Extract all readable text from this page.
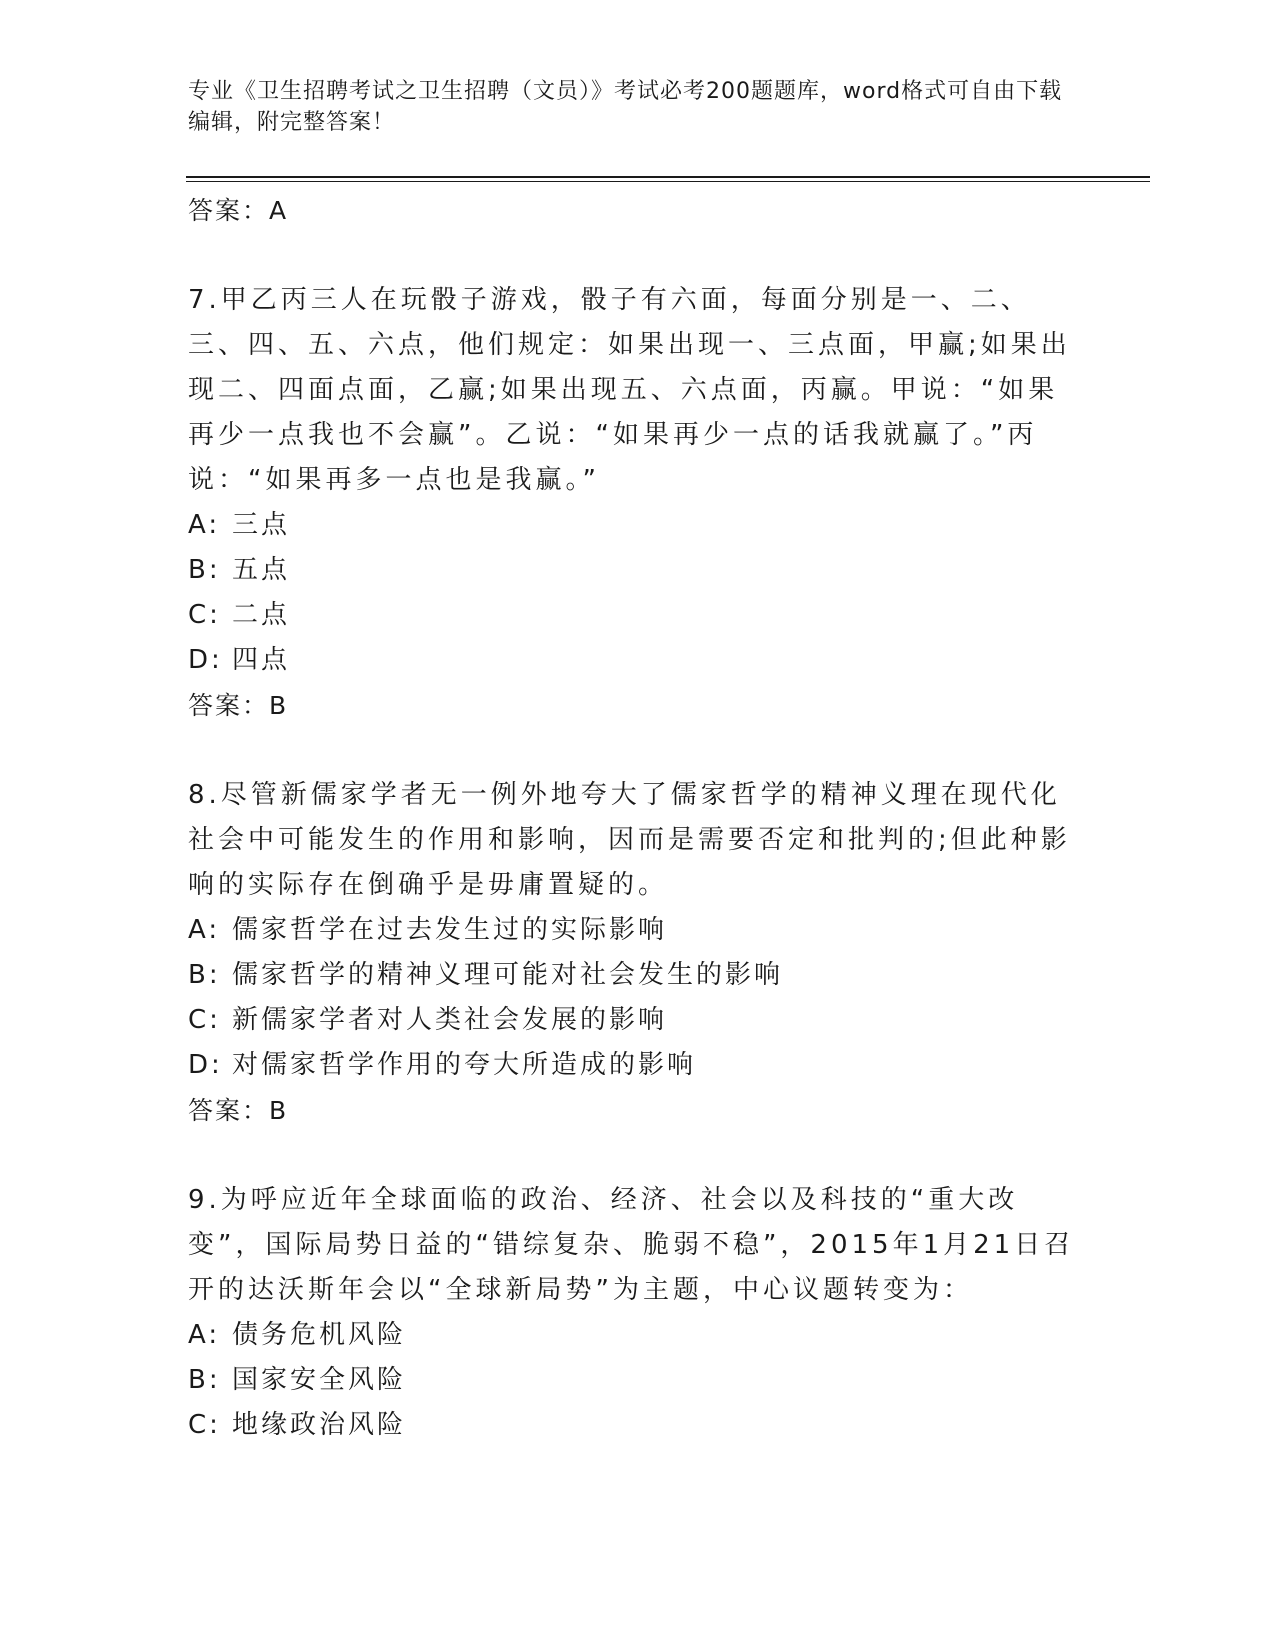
专业《卫生招聘考试之卫生招聘（文员）》考试必考200题题库，word格式可自由下载编辑，附完整答案！
答案：A

7.甲乙丙三人在玩骰子游戏，骰子有六面，每面分别是一、二、三、四、五、六点，他们规定：如果出现一、三点面，甲赢;如果出现二、四面点面，乙赢;如果出现五、六点面，丙赢。甲说：“如果再少一点我也不会赢”。乙说：“如果再少一点的话我就赢了。”丙说：“如果再多一点也是我赢。”

A: 三点
B: 五点
C: 二点
D: 四点
答案：B

8.尽管新儒家学者无一例外地夸大了儒家哲学的精神义理在现代化社会中可能发生的作用和影响，因而是需要否定和批判的;但此种影响的实际存在倒确乎是毋庸置疑的。

A: 儒家哲学在过去发生过的实际影响
B: 儒家哲学的精神义理可能对社会发生的影响
C: 新儒家学者对人类社会发展的影响
D: 对儒家哲学作用的夸大所造成的影响
答案：B

9.为呼应近年全球面临的政治、经济、社会以及科技的“重大改变”，国际局势日益的“错综复杂、脆弱不稳”，2015年1月21日召开的达沃斯年会以“全球新局势”为主题，中心议题转变为：

A: 债务危机风险
B: 国家安全风险
C: 地缘政治风险
